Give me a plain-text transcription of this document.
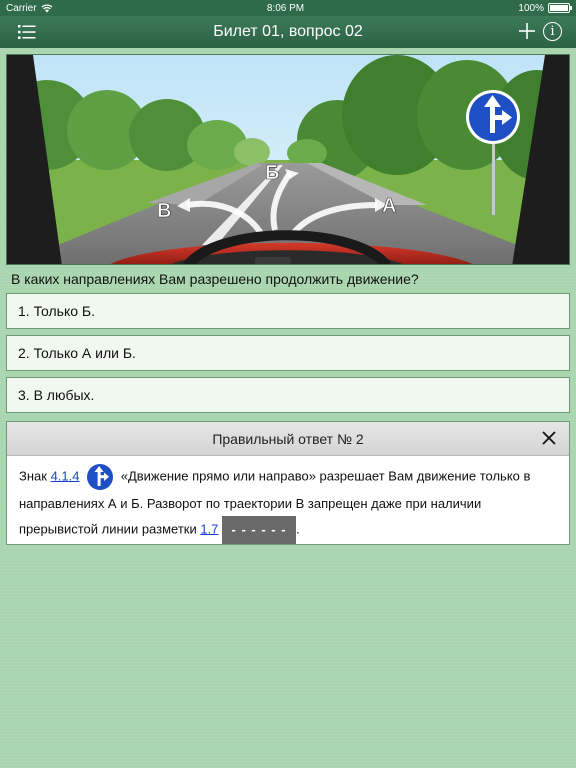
Carrier	8:06 PM	100%
Билет 01, вопрос 02	i
Б
В	А
В каких направлениях Вам разрешено продолжить движение?
1. Только Б.
2. Только А или Б.
3. В любых.
Правильный ответ № 2
Знак 4.1.4	«Движение прямо или направо» разрешает Вам движение только в направлениях А и Б. Разворот по траектории В запрещен даже при наличии прерывистой линии разметки 1.7 - - - - - - .
